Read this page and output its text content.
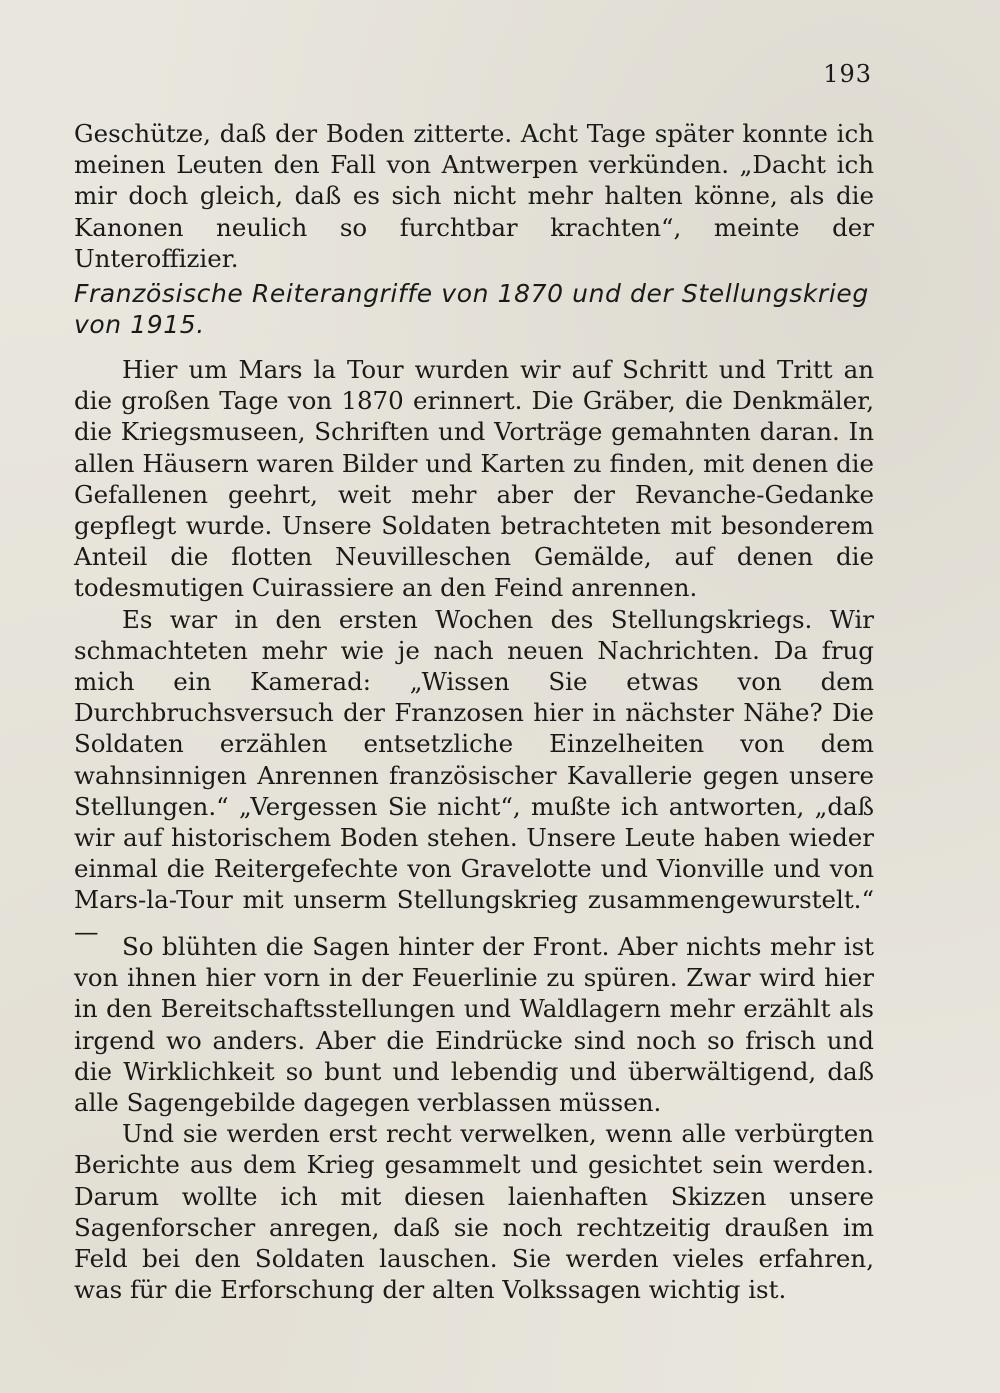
193

Geschütze, daß der Boden zitterte. Acht Tage später konnte ich meinen Leuten den Fall von Antwerpen verkünden. „Dacht ich mir doch gleich, daß es sich nicht mehr halten könne, als die Kanonen neulich so furchtbar krachten“, meinte der Unteroffizier.

Französische Reiterangriffe von 1870 und der Stellungskrieg von 1915.

Hier um Mars la Tour wurden wir auf Schritt und Tritt an die großen Tage von 1870 erinnert. Die Gräber, die Denkmäler, die Kriegsmuseen, Schriften und Vorträge gemahnten daran. In allen Häusern waren Bilder und Karten zu finden, mit denen die Gefallenen geehrt, weit mehr aber der Revanche-Gedanke gepflegt wurde. Unsere Soldaten betrachteten mit besonderem Anteil die flotten Neuvilleschen Gemälde, auf denen die todesmutigen Cuirassiere an den Feind anrennen.

Es war in den ersten Wochen des Stellungskriegs. Wir schmachteten mehr wie je nach neuen Nachrichten. Da frug mich ein Kamerad: „Wissen Sie etwas von dem Durchbruchsversuch der Franzosen hier in nächster Nähe? Die Soldaten erzählen entsetzliche Einzelheiten von dem wahnsinnigen Anrennen französischer Kavallerie gegen unsere Stellungen.“ „Vergessen Sie nicht“, mußte ich antworten, „daß wir auf historischem Boden stehen. Unsere Leute haben wieder einmal die Reitergefechte von Gravelotte und Vionville und von Mars-la-Tour mit unserm Stellungskrieg zusammengewurstelt.“ —

So blühten die Sagen hinter der Front. Aber nichts mehr ist von ihnen hier vorn in der Feuerlinie zu spüren. Zwar wird hier in den Bereitschaftsstellungen und Waldlagern mehr erzählt als irgend wo anders. Aber die Eindrücke sind noch so frisch und die Wirklichkeit so bunt und lebendig und überwältigend, daß alle Sagengebilde dagegen verblassen müssen.

Und sie werden erst recht verwelken, wenn alle verbürgten Berichte aus dem Krieg gesammelt und gesichtet sein werden. Darum wollte ich mit diesen laienhaften Skizzen unsere Sagenforscher anregen, daß sie noch rechtzeitig draußen im Feld bei den Soldaten lauschen. Sie werden vieles erfahren, was für die Erforschung der alten Volkssagen wichtig ist.
